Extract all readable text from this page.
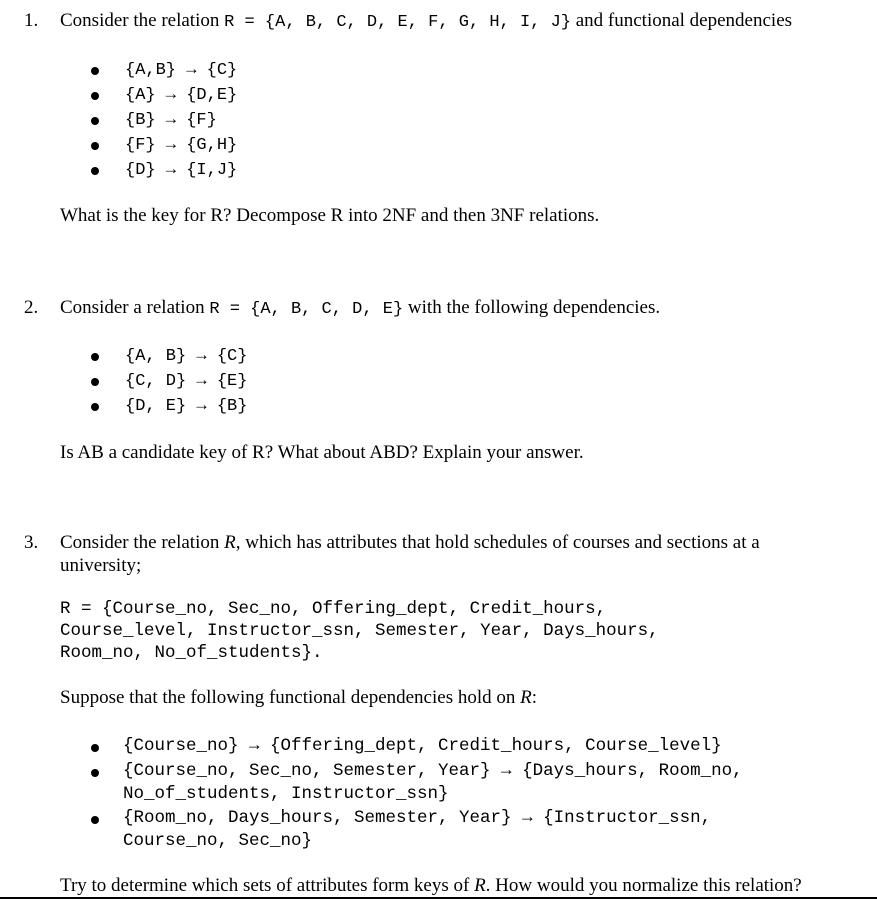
1. Consider the relation R = {A, B, C, D, E, F, G, H, I, J} and functional dependencies
{A,B} → {C}
{A} → {D,E}
{B} → {F}
{F} → {G,H}
{D} → {I,J}
What is the key for R? Decompose R into 2NF and then 3NF relations.
2. Consider a relation R = {A, B, C, D, E} with the following dependencies.
{A, B} → {C}
{C, D} → {E}
{D, E} → {B}
Is AB a candidate key of R? What about ABD? Explain your answer.
3. Consider the relation R, which has attributes that hold schedules of courses and sections at a
university;
R = {Course_no, Sec_no, Offering_dept, Credit_hours,
Course_level, Instructor_ssn, Semester, Year, Days_hours,
Room_no, No_of_students}.
Suppose that the following functional dependencies hold on R:
{Course_no} → {Offering_dept, Credit_hours, Course_level}
{Course_no, Sec_no, Semester, Year} → {Days_hours, Room_no,
No_of_students, Instructor_ssn}
{Room_no, Days_hours, Semester, Year} → {Instructor_ssn,
Course_no, Sec_no}
Try to determine which sets of attributes form keys of R. How would you normalize this relation?
